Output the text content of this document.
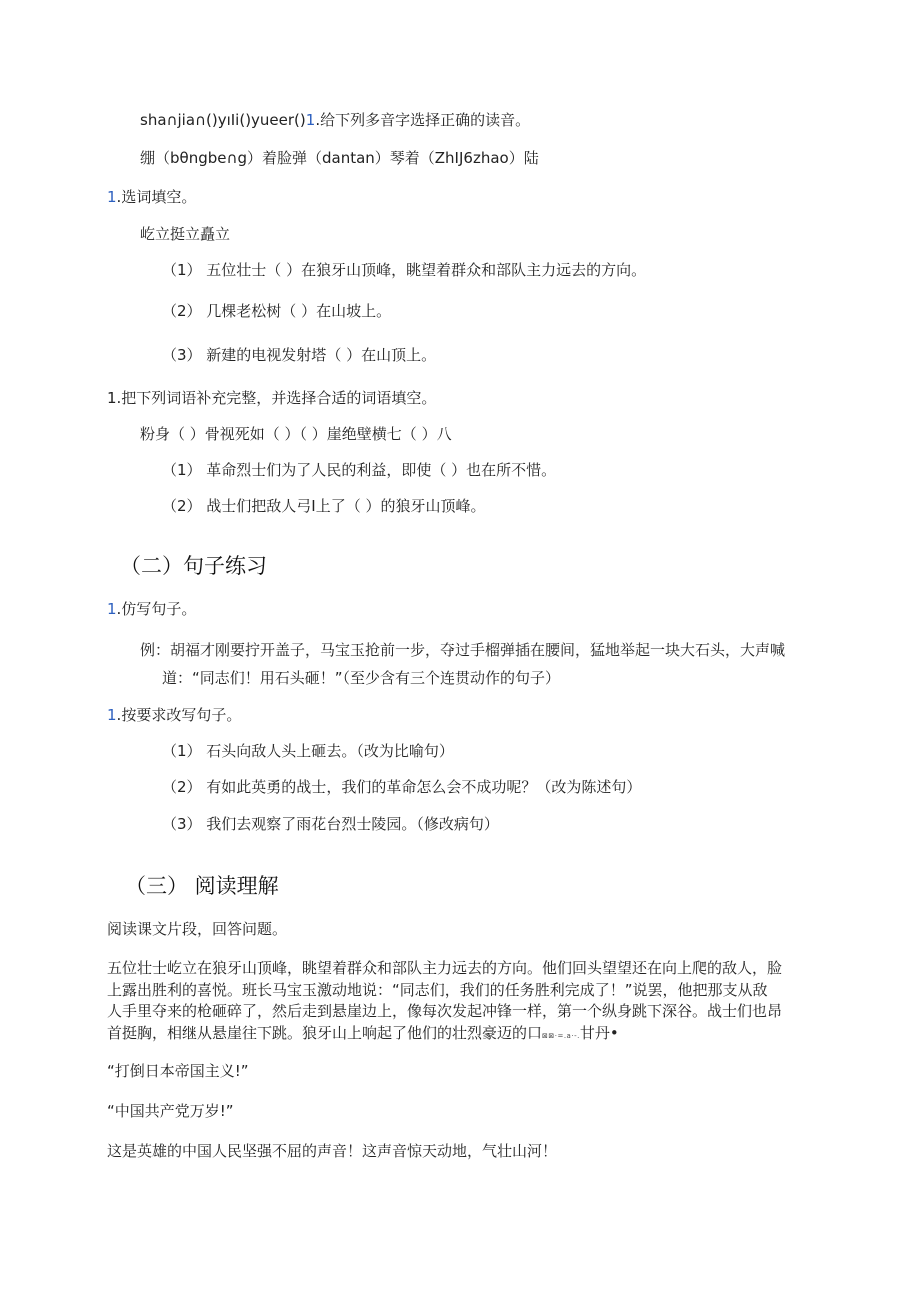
sha∩jia∩()yıIi()yueer()1.给下列多音字选择正确的读音。
绷（bθngbe∩g）着脸弹（dantan）琴着（ZhIJ6zhao）陆
1.选词填空。
屹立挺立矗立
（1） 五位壮士（ ）在狼牙山顶峰，眺望着群众和部队主力远去的方向。
（2） 几棵老松树（ ）在山坡上。
（3） 新建的电视发射塔（ ）在山顶上。
1.把下列词语补充完整，并选择合适的词语填空。
粉身（ ）骨视死如（ ）（ ）崖绝壁横七（ ）八
（1） 革命烈士们为了人民的利益，即使（ ）也在所不惜。
（2） 战士们把敌人弓I上了（ ）的狼牙山顶峰。
（二）句子练习
1.仿写句子。
例：胡福才刚要拧开盖子，马宝玉抢前一步，夺过手榴弹插在腰间，猛地举起一块大石头，大声喊
道：“同志们！用石头砸！”（至少含有三个连贯动作的句子）
1.按要求改写句子。
（1） 石头向敌人头上砸去。（改为比喻句）
（2） 有如此英勇的战士，我们的革命怎么会不成功呢？（改为陈述句）
（3） 我们去观察了雨花台烈士陵园。（修改病句）
（三） 阅读理解
阅读课文片段，回答问题。
五位壮士屹立在狼牙山顶峰，眺望着群众和部队主力远去的方向。他们回头望望还在向上爬的敌人，脸
上露出胜利的喜悦。班长马宝玉激动地说：“同志们，我们的任务胜利完成了！”说罢，他把那支从敌
人手里夺来的枪砸碎了，然后走到悬崖边上，像每次发起冲锋一样，第一个纵身跳下深谷。战士们也昂
首挺胸，相继从悬崖往下跳。狼牙山上响起了他们的壮烈豪迈的口⊠⊠·=.a·-.甘丹•
“打倒日本帝国主义!”
“中国共产党万岁!”
这是英雄的中国人民坚强不屈的声音！这声音惊天动地，气壮山河！
